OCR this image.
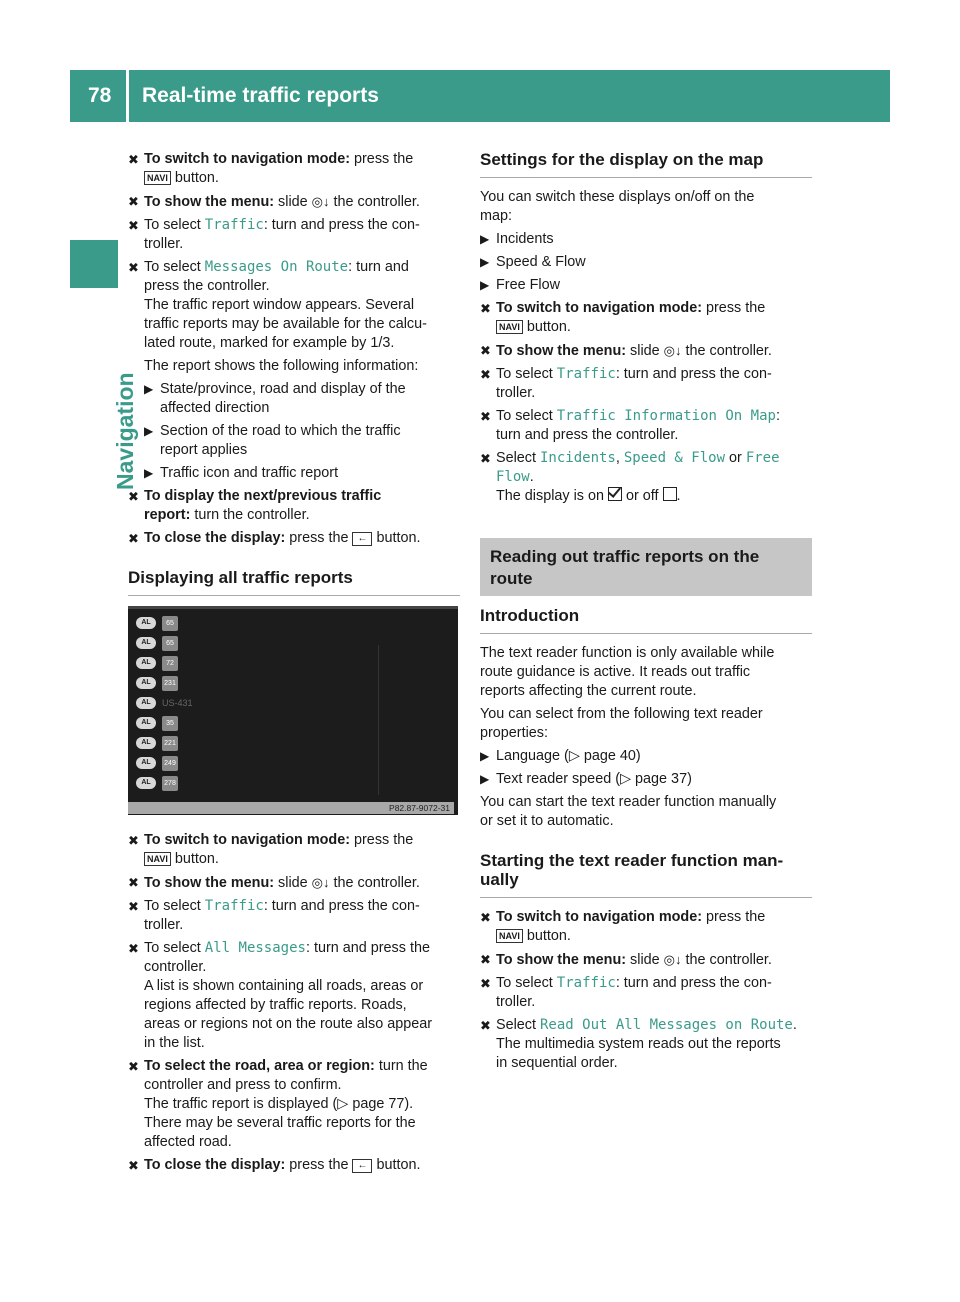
78 Real-time traffic reports
Navigation
✖ To switch to navigation mode: press the
NAVI button.
✖ To show the menu: slide ◎↓ the controller.
✖ To select Traffic: turn and press the con-
troller.
✖ To select Messages On Route: turn and
press the controller.
The traffic report window appears. Several
traffic reports may be available for the calcu-
lated route, marked for example by 1/3.
The report shows the following information:
▶ State/province, road and display of the
affected direction
▶ Section of the road to which the traffic
report applies
▶ Traffic icon and traffic report
✖ To display the next/previous traffic
report: turn the controller.
✖ To close the display: press the ← button.
Displaying all traffic reports
AL	65
AL	65
AL	72
AL	231
AL	US-431
AL	35
AL	221
AL	249
AL	278
P82.87-9072-31
✖ To switch to navigation mode: press the
NAVI button.
✖ To show the menu: slide ◎↓ the controller.
✖ To select Traffic: turn and press the con-
troller.
✖ To select All Messages: turn and press the
controller.
A list is shown containing all roads, areas or
regions affected by traffic reports. Roads,
areas or regions not on the route also appear
in the list.
✖ To select the road, area or region: turn the
controller and press to confirm.
The traffic report is displayed (▷ page 77).
There may be several traffic reports for the
affected road.
✖ To close the display: press the ← button.
Settings for the display on the map
You can switch these displays on/off on the
map:
▶ Incidents
▶ Speed & Flow
▶ Free Flow
✖ To switch to navigation mode: press the
NAVI button.
✖ To show the menu: slide ◎↓ the controller.
✖ To select Traffic: turn and press the con-
troller.
✖ To select Traffic Information On Map:
turn and press the controller.
✖ Select Incidents, Speed & Flow or Free
Flow.
The display is on or off .
Reading out traffic reports on the
route
Introduction
The text reader function is only available while
route guidance is active. It reads out traffic
reports affecting the current route.
You can select from the following text reader
properties:
▶ Language (▷ page 40)
▶ Text reader speed (▷ page 37)
You can start the text reader function manually
or set it to automatic.
Starting the text reader function man-
ually
✖ To switch to navigation mode: press the
NAVI button.
✖ To show the menu: slide ◎↓ the controller.
✖ To select Traffic: turn and press the con-
troller.
✖ Select Read Out All Messages on Route.
The multimedia system reads out the reports
in sequential order.
